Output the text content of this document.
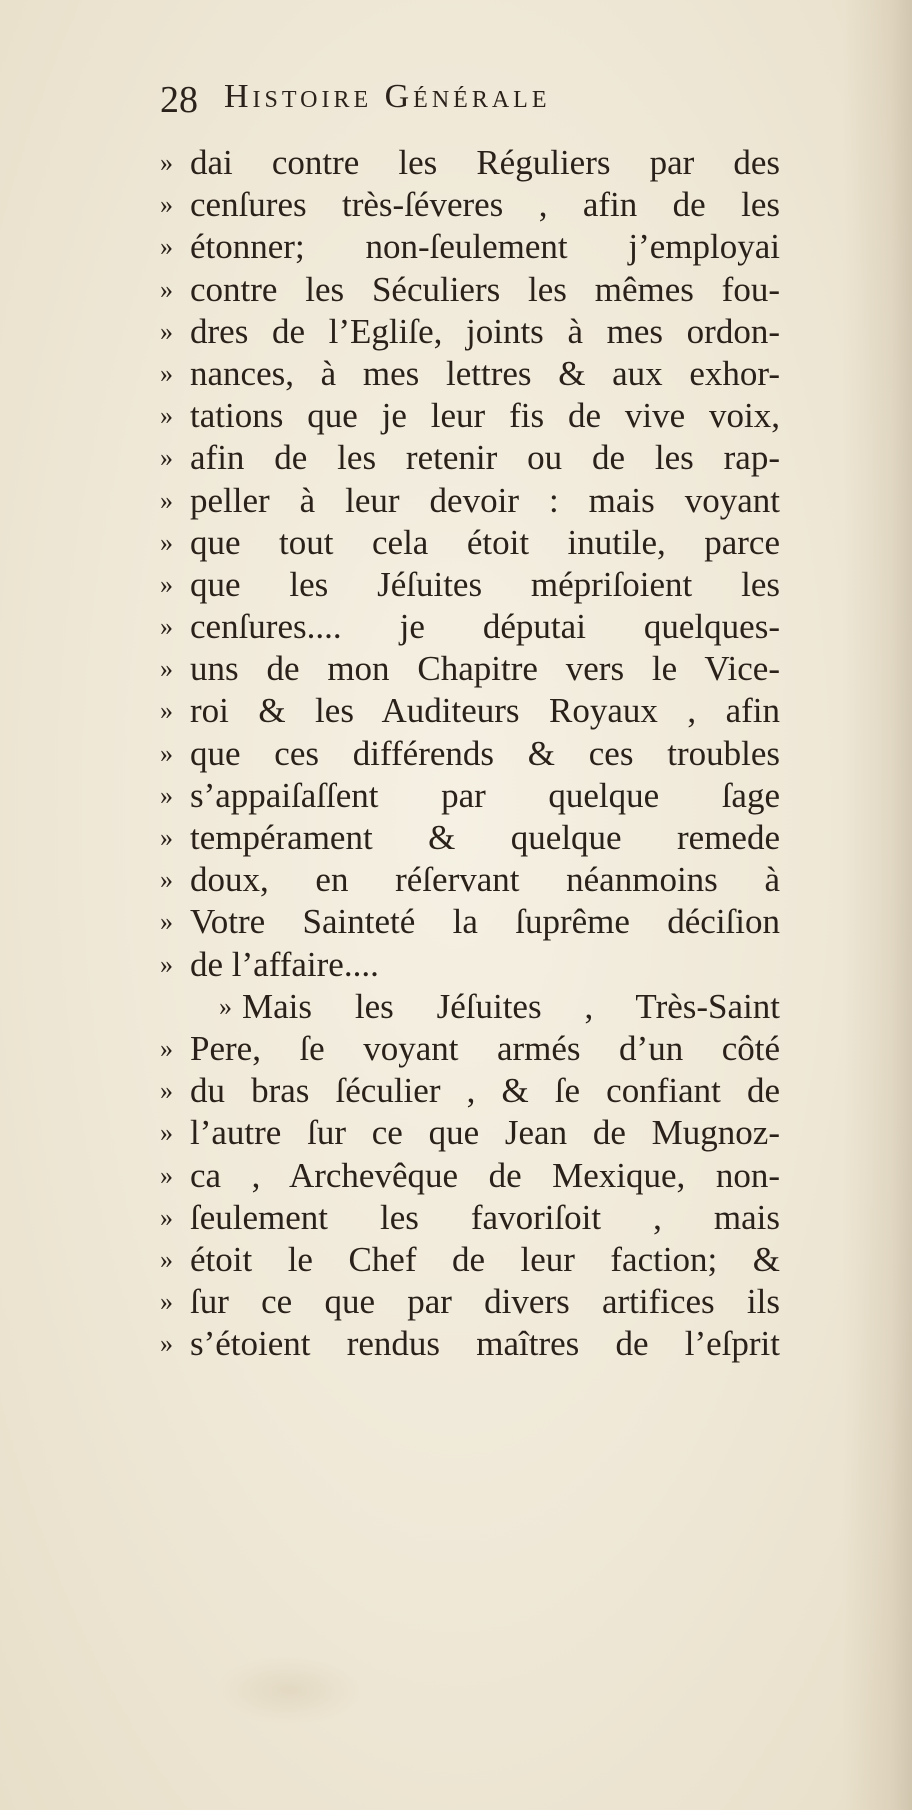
28 Histoire Générale
» dai contre les Réguliers par des
» cenſures très-ſéveres , afin de les
» étonner; non-ſeulement j’employai
» contre les Séculiers les mêmes fou-
» dres de l’Egliſe, joints à mes ordon-
» nances, à mes lettres & aux exhor-
» tations que je leur fis de vive voix,
» afin de les retenir ou de les rap-
» peller à leur devoir : mais voyant
» que tout cela étoit inutile, parce
» que les Jéſuites mépriſoient les
» cenſures.... je députai quelques-
» uns de mon Chapitre vers le Vice-
» roi & les Auditeurs Royaux , afin
» que ces différends & ces troubles
» s’appaiſaſſent par quelque ſage
» tempérament & quelque remede
» doux, en réſervant néanmoins à
» Votre Sainteté la ſuprême déciſion
» de l’affaire....
» Mais les Jéſuites , Très-Saint
» Pere, ſe voyant armés d’un côté
» du bras ſéculier , & ſe confiant de
» l’autre ſur ce que Jean de Mugnoz-
» ca , Archevêque de Mexique, non-
» ſeulement les favoriſoit , mais
» étoit le Chef de leur faction; &
» ſur ce que par divers artifices ils
» s’étoient rendus maîtres de l’eſprit
